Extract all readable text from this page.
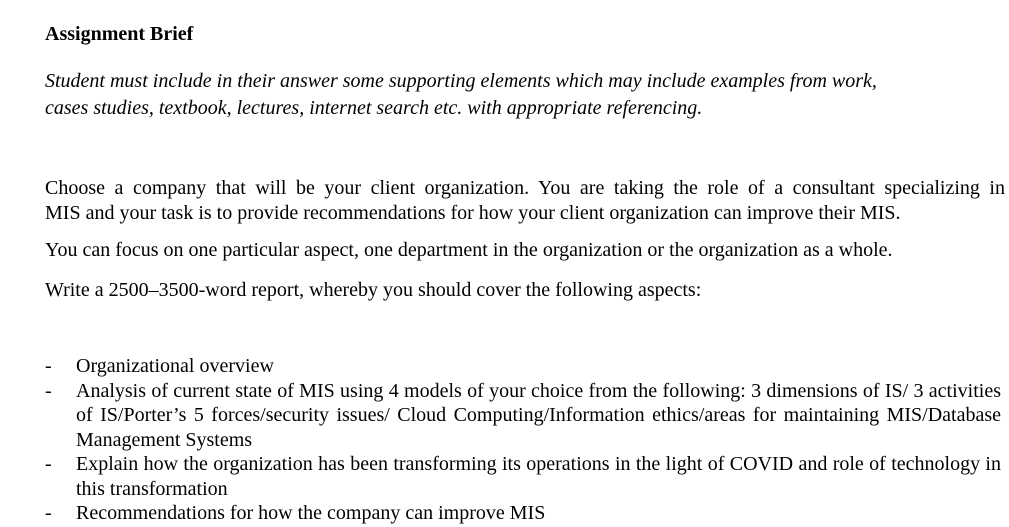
Assignment Brief

Student must include in their answer some supporting elements which may include examples from work,
cases studies, textbook, lectures, internet search etc. with appropriate referencing.

Choose a company that will be your client organization. You are taking the role of a consultant specializing in
MIS and your task is to provide recommendations for how your client organization can improve their MIS.

You can focus on one particular aspect, one department in the organization or the organization as a whole.

Write a 2500–3500-word report, whereby you should cover the following aspects:

- Organizational overview
- Analysis of current state of MIS using 4 models of your choice from the following: 3 dimensions of IS/ 3 activities of IS/Porter’s 5 forces/security issues/ Cloud Computing/Information ethics/areas for maintaining MIS/Database Management Systems
- Explain how the organization has been transforming its operations in the light of COVID and role of technology in this transformation
- Recommendations for how the company can improve MIS
